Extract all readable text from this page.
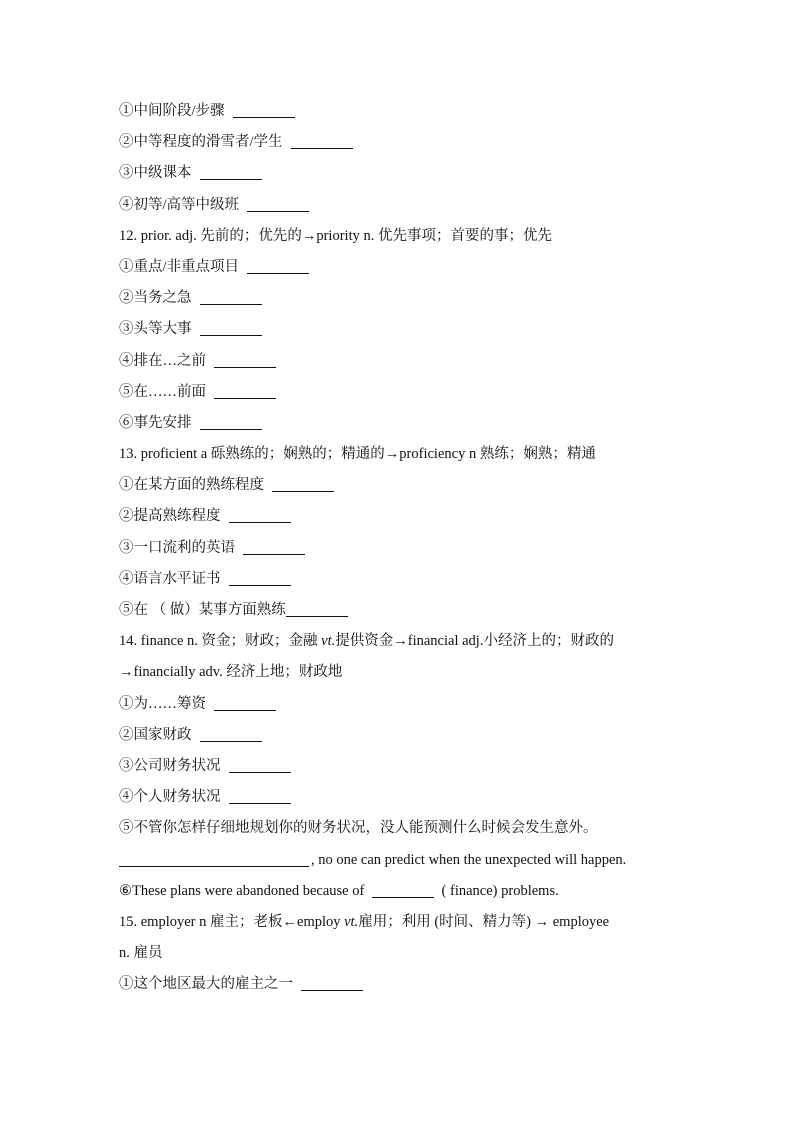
①中间阶段/步骤
②中等程度的滑雪者/学生
③中级课本
④初等/高等中级班
12. prior. adj. 先前的；优先的→priority n. 优先事项；首要的事；优先
①重点/非重点项目
②当务之急
③头等大事
④排在…之前
⑤在……前面
⑥事先安排
13. proficient a 砾熟练的；娴熟的；精通的→proficiency n 熟练；娴熟；精通
①在某方面的熟练程度
②提高熟练程度
③一口流利的英语
④语言水平证书
⑤在 （ 做）某事方面熟练
14. finance n. 资金；财政；金融 vt.提供资金→financial adj.小经济上的；财政的
→financially adv. 经济上地；财政地
①为……筹资
②国家财政
③公司财务状况
④个人财务状况
⑤不管你怎样仔细地规划你的财务状况，没人能预测什么时候会发生意外。
, no one can predict when the unexpected will happen.
⑥These plans were abandoned because of	( finance) problems.
15. employer n 雇主；老板←employ vt.雇用；利用 (时间、精力等) → employee
n. 雇员
①这个地区最大的雇主之一
